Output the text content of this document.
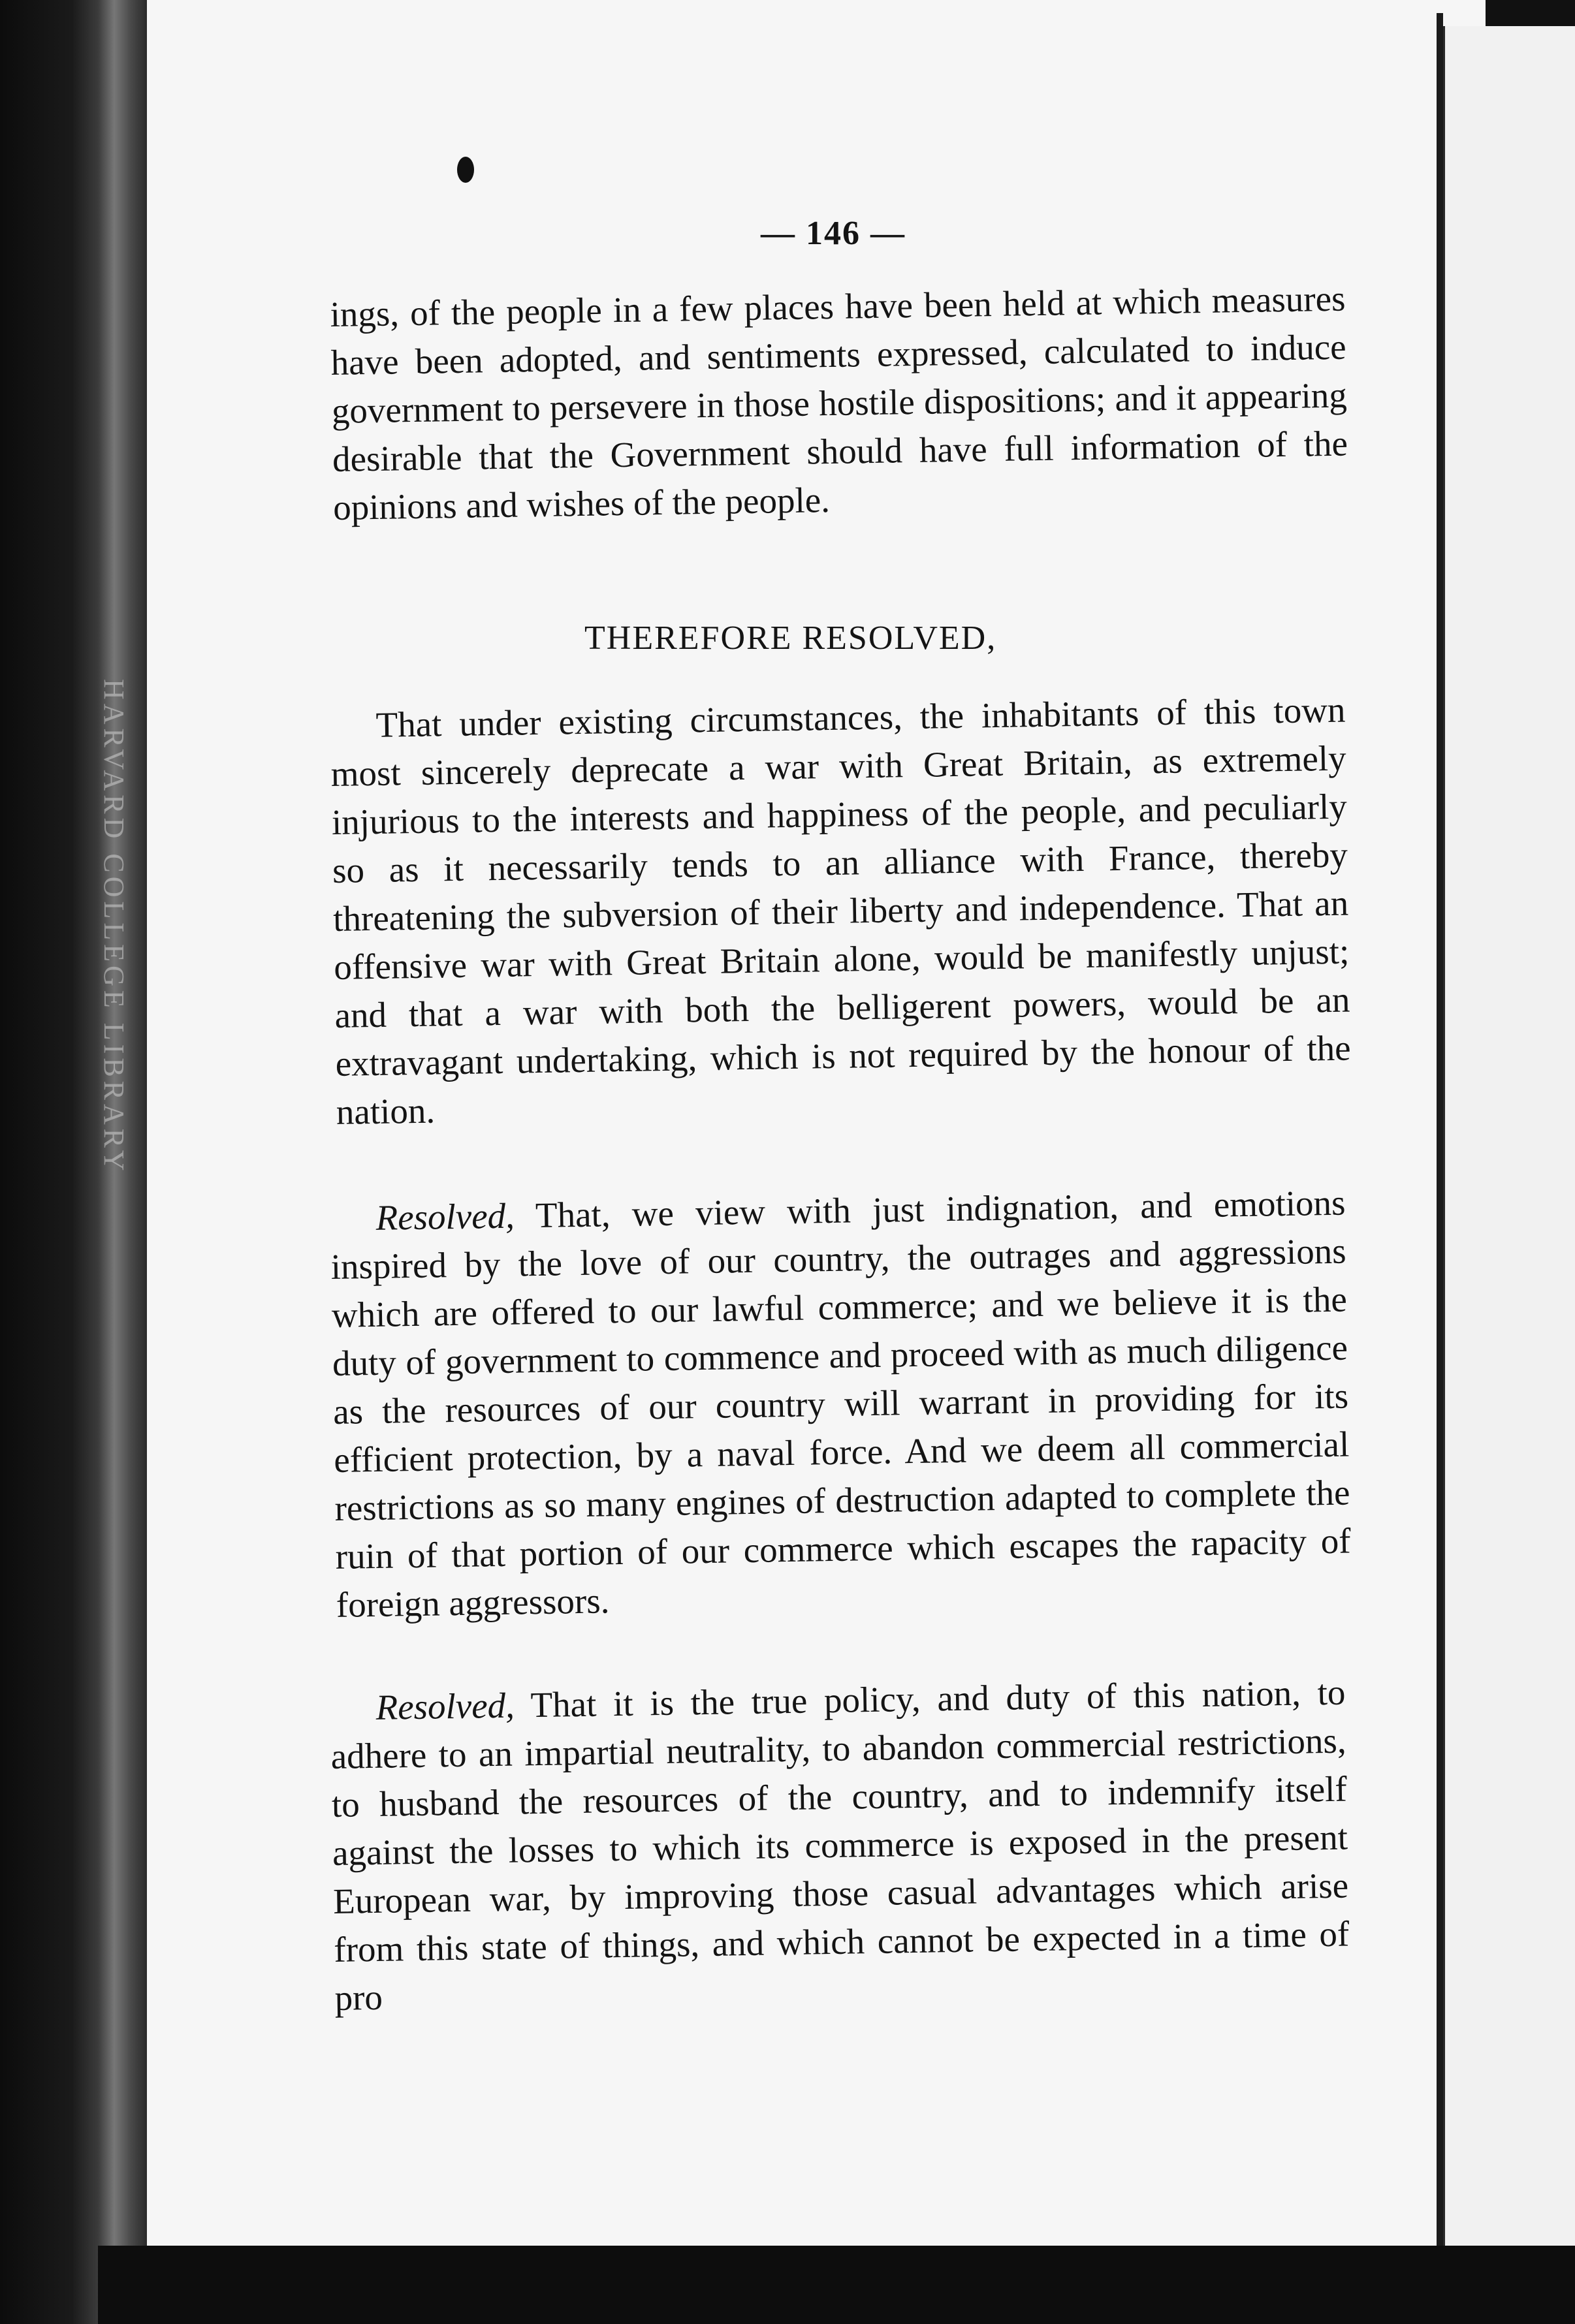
HARVARD COLLEGE LIBRARY
— 146 —

ings, of the people in a few places have been held at which measures have been adopted, and sentiments expressed, calculated to induce government to persevere in those hostile dispositions; and it appearing desirable that the Government should have full information of the opinions and wishes of the people.

THEREFORE RESOLVED,

That under existing circumstances, the inhabitants of this town most sincerely deprecate a war with Great Britain, as extremely injurious to the interests and happiness of the people, and peculiarly so as it necessarily tends to an alliance with France, thereby threatening the subversion of their liberty and independence. That an offensive war with Great Britain alone, would be manifestly unjust; and that a war with both the belligerent powers, would be an extravagant undertaking, which is not required by the honour of the nation.

Resolved, That, we view with just indignation, and emotions inspired by the love of our country, the outrages and aggressions which are offered to our lawful commerce; and we believe it is the duty of government to commence and proceed with as much diligence as the resources of our country will warrant in providing for its efficient protection, by a naval force. And we deem all commercial restrictions as so many engines of destruction adapted to complete the ruin of that portion of our commerce which escapes the rapacity of foreign aggressors.

Resolved, That it is the true policy, and duty of this nation, to adhere to an impartial neutrality, to abandon commercial restrictions, to husband the resources of the country, and to indemnify itself against the losses to which its commerce is exposed in the present European war, by improving those casual advantages which arise from this state of things, and which cannot be expected in a time of pro
